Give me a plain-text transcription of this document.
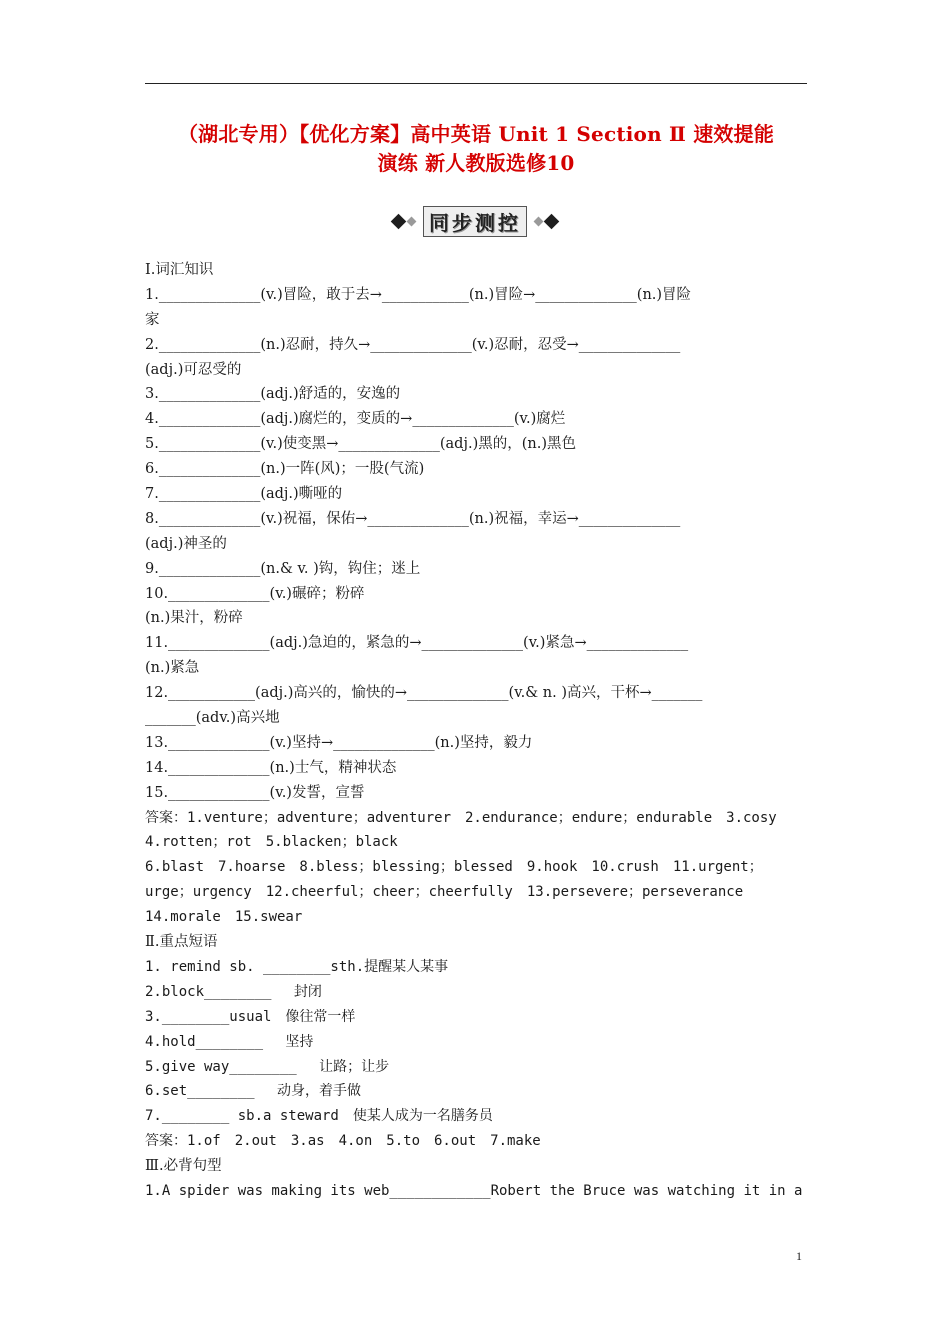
（湖北专用）【优化方案】高中英语 Unit 1 Section Ⅱ 速效提能
演练 新人教版选修10
同步测控
Ⅰ.词汇知识
1.______________(v.)冒险，敢于去→____________(n.)冒险→______________(n.)冒险
家
2.______________(n.)忍耐，持久→______________(v.)忍耐，忍受→______________
(adj.)可忍受的
3.______________(adj.)舒适的，安逸的
4.______________(adj.)腐烂的，变质的→______________(v.)腐烂
5.______________(v.)使变黑→______________(adj.)黑的，(n.)黑色
6.______________(n.)一阵(风)；一股(气流)
7.______________(adj.)嘶哑的
8.______________(v.)祝福，保佑→______________(n.)祝福，幸运→______________
(adj.)神圣的
9.______________(n.& v. )钩，钩住；迷上
10.______________(v.)碾碎；粉碎
(n.)果汁，粉碎
11.______________(adj.)急迫的，紧急的→______________(v.)紧急→______________
(n.)紧急
12.____________(adj.)高兴的，愉快的→______________(v.& n. )高兴，干杯→_______
_______(adv.)高兴地
13.______________(v.)坚持→______________(n.)坚持，毅力
14.______________(n.)士气，精神状态
15.______________(v.)发誓，宣誓
答案：1.venture；adventure；adventurer　2.endurance；endure；endurable　3.cosy
4.rotten；rot　5.blacken；black
6.blast　7.hoarse　8.bless；blessing；blessed　9.hook　10.crush　11.urgent；
urge；urgency　12.cheerful；cheer；cheerfully　13.persevere；perseverance
14.morale　15.swear
Ⅱ.重点短语
1. remind sb. ________sth.提醒某人某事
2.block________　 封闭
3.________usual　像往常一样
4.hold________　 坚持
5.give way________　 让路；让步
6.set________　 动身，着手做
7.________ sb.a steward　使某人成为一名膳务员
答案：1.of　2.out　3.as　4.on　5.to　6.out　7.make
Ⅲ.必背句型
1.A spider was making its web____________Robert the Bruce was watching it in a
1
